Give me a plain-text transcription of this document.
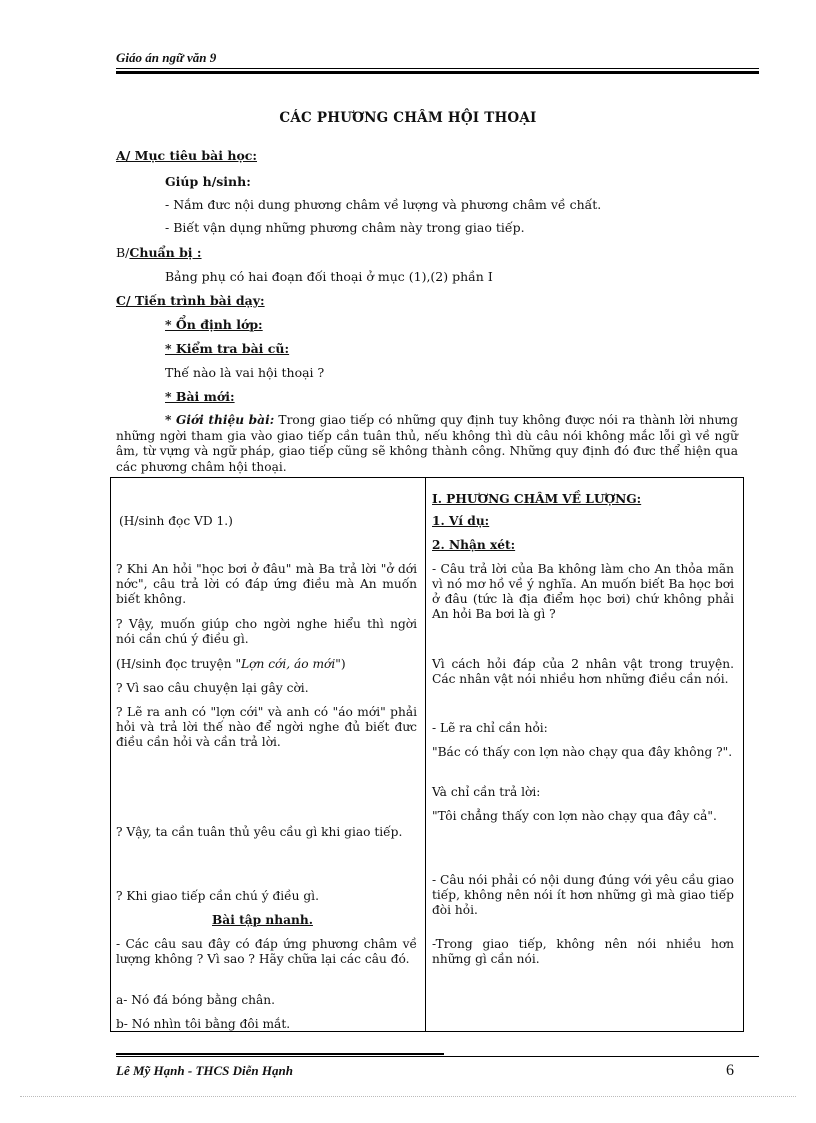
Giáo án ngữ văn 9
CÁC PHƯƠNG CHÂM HỘI THOẠI
A/ Mục tiêu bài học:
Giúp h/sinh:
- Nắm đưc nội dung phương châm về lượng và phương châm về chất.
- Biết vận dụng những phương châm này trong giao tiếp.
B/Chuẩn bị :
Bảng phụ có hai đoạn đối thoại ở mục (1),(2) phần I
C/ Tiến trình bài dạy:
* Ổn định lớp:
* Kiểm tra bài cũ:
Thế nào là vai hội thoại ?
* Bài mới:
* Giới thiệu bài: Trong giao tiếp có những quy định tuy không được nói ra thành lời nhưng những ngời tham gia vào giao tiếp cần tuân thủ, nếu không thì dù câu nói không mắc lỗi gì về ngữ âm, từ vựng và ngữ pháp, giao tiếp cũng sẽ không thành công. Những quy định đó đưc thể hiện qua các phương châm hội thoại.
(H/sinh đọc VD 1.)
? Khi An hỏi "học bơi ở đâu" mà Ba trả lời "ở dới nớc", câu trả lời có đáp ứng điều mà An muốn biết không.
? Vậy, muốn giúp cho ngời nghe hiểu thì ngời nói cần chú ý điều gì.
(H/sinh đọc truyện "Lợn cới, áo mới")
? Vì sao câu chuyện lại gây cời.
? Lẽ ra anh có "lợn cới" và anh có "áo mới" phải hỏi và trả lời thế nào để ngời nghe đủ biết đưc điều cần hỏi và cần trả lời.
? Vậy, ta cần tuân thủ yêu cầu gì khi giao tiếp.
? Khi giao tiếp cần chú ý điều gì.
Bài tập nhanh.
- Các câu sau đây có đáp ứng phương châm về lượng không ? Vì sao ? Hãy chữa lại các câu đó.
a- Nó đá bóng bằng chân.
b- Nó nhìn tôi bằng đôi mắt.
I. PHƯƠNG CHÂM VỀ LƯỢNG:
1. Ví dụ:
2. Nhận xét:
- Câu trả lời của Ba không làm cho An thỏa mãn vì nó mơ hồ về ý nghĩa. An muốn biết Ba học bơi ở đâu (tức là địa điểm học bơi) chứ không phải An hỏi Ba bơi là gì ?
Vì cách hỏi đáp của 2 nhân vật trong truyện. Các nhân vật nói nhiều hơn những điều cần nói.
- Lẽ ra chỉ cần hỏi:
"Bác có thấy con lợn nào chạy qua đây không ?".
Và chỉ cần trả lời:
"Tôi chẳng thấy con lợn nào chạy qua đây cả".
- Câu nói phải có nội dung đúng với yêu cầu giao tiếp, không nên nói ít hơn những gì mà giao tiếp đòi hỏi.
-Trong giao tiếp, không nên nói nhiều hơn những gì cần nói.
Lê Mỹ Hạnh - THCS Diễn Hạnh	6
